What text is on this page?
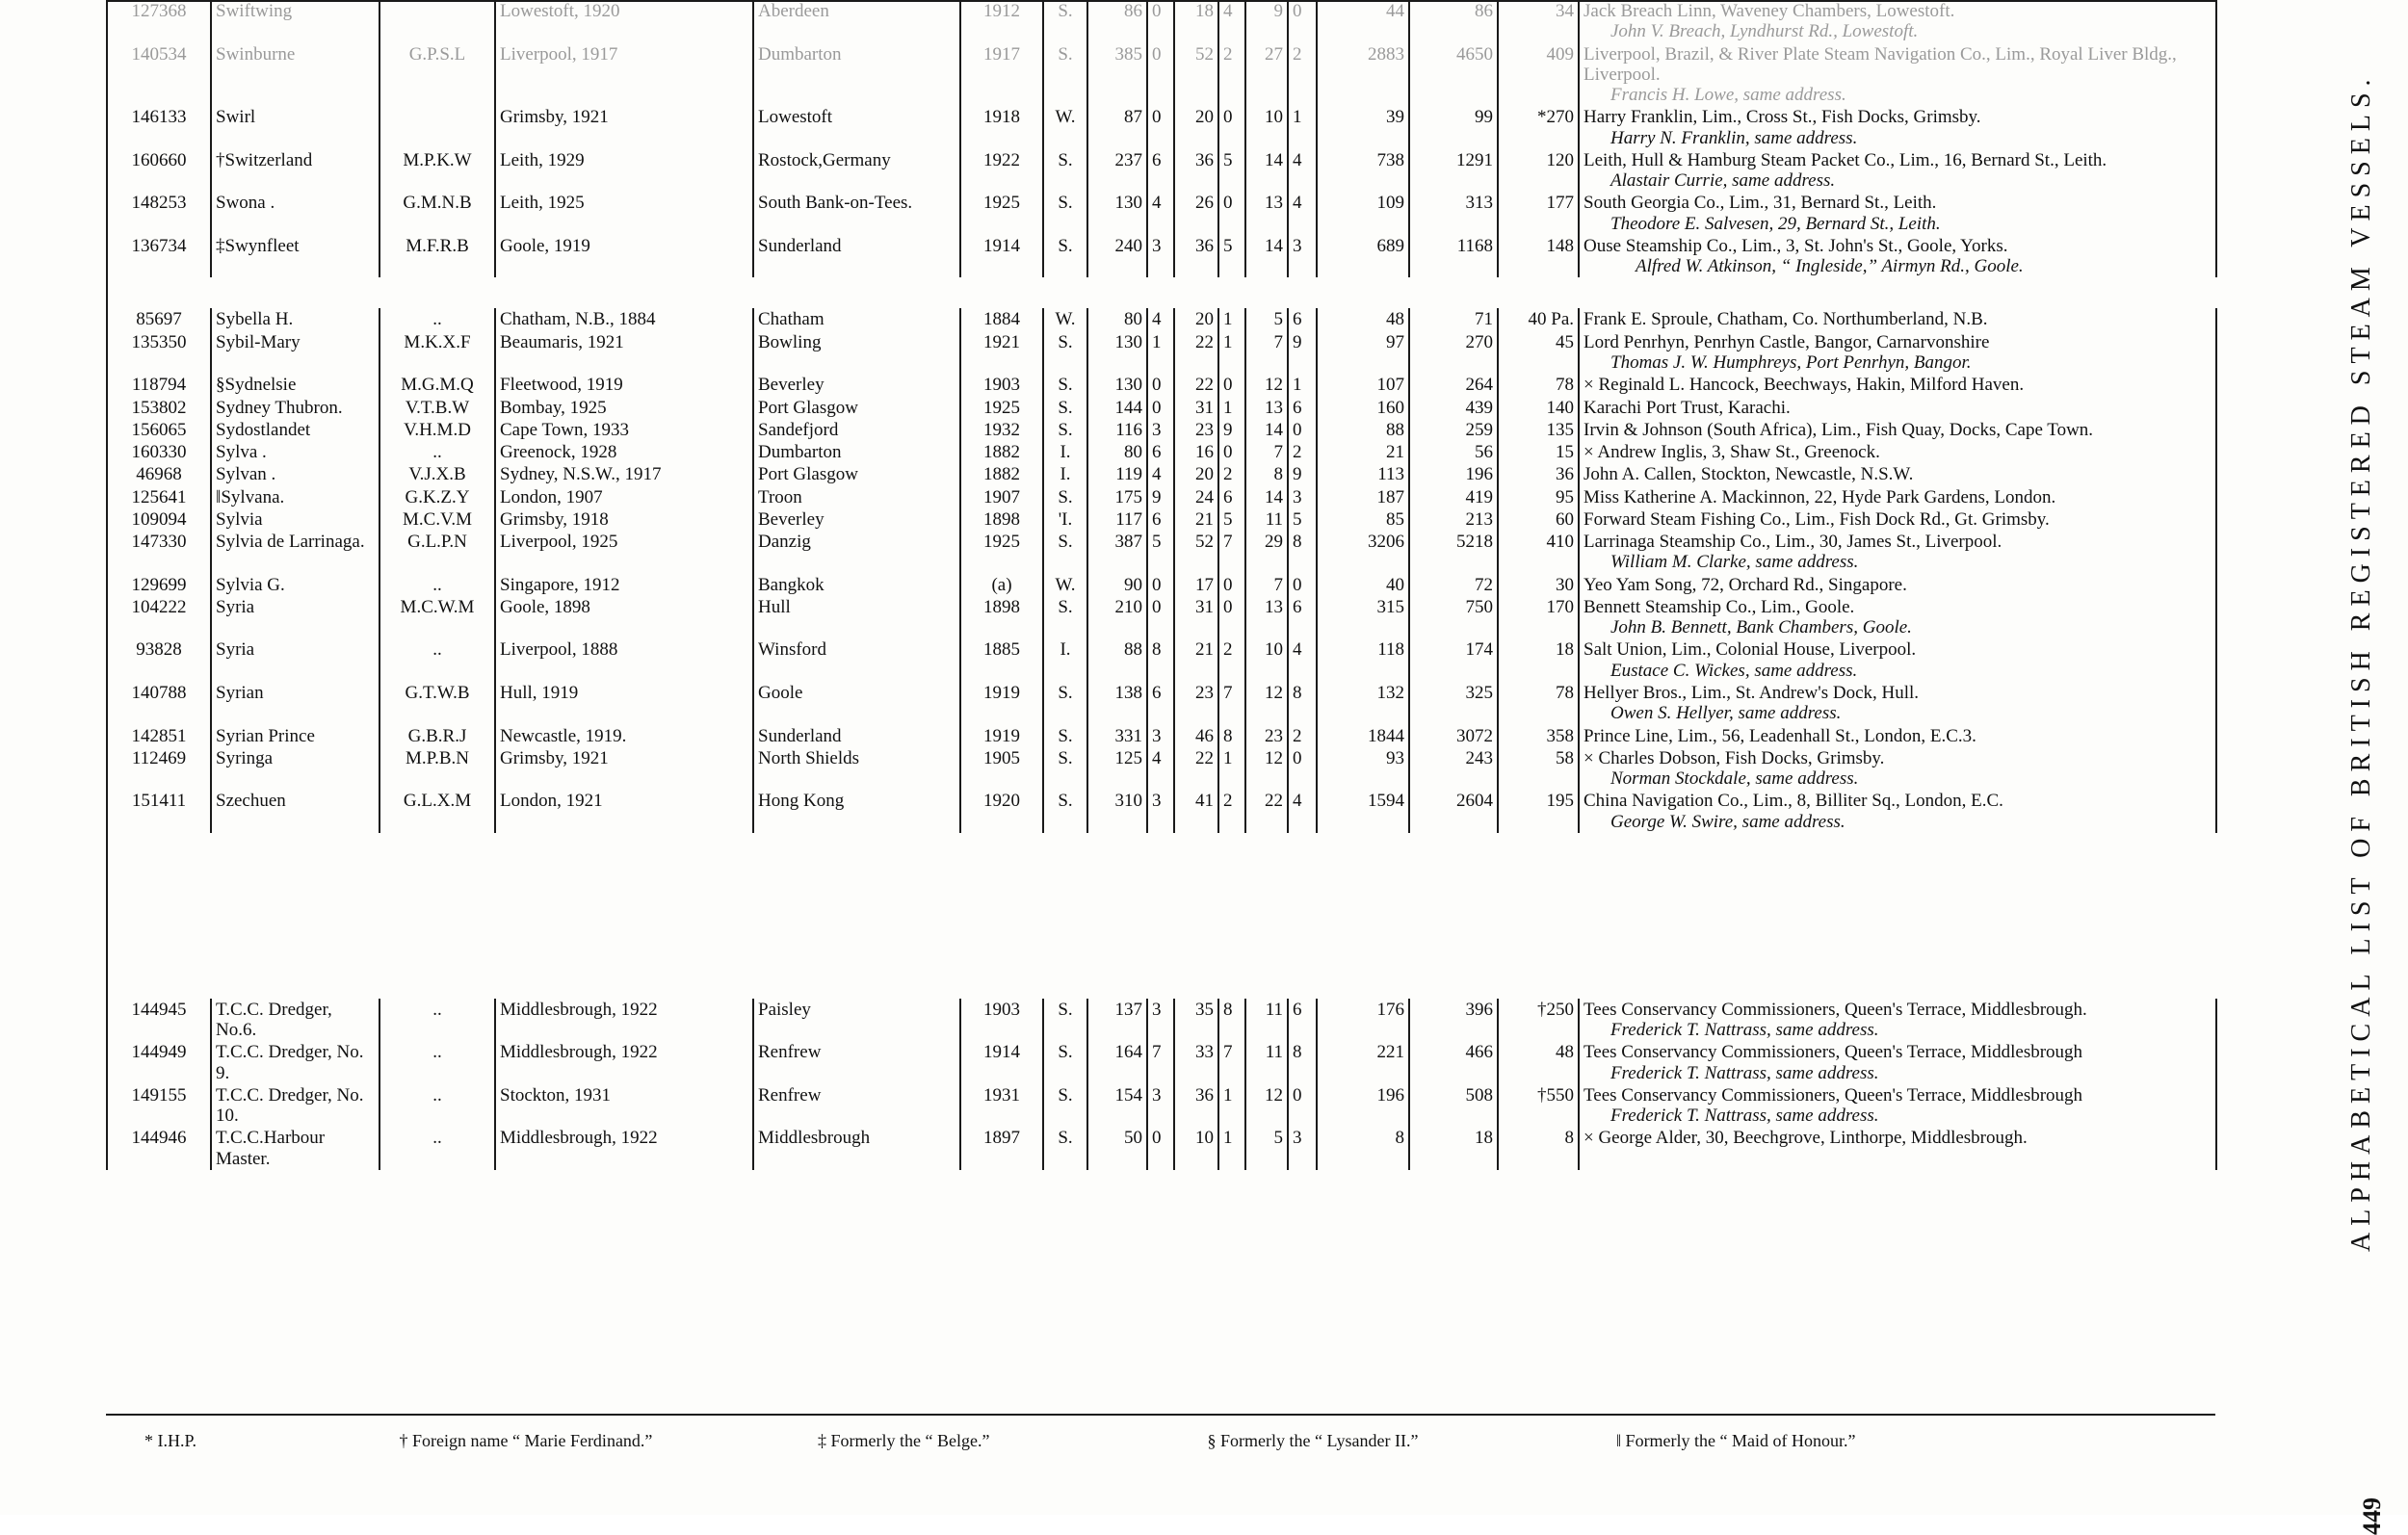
127368	Swiftwing		Lowestoft, 1920	Aberdeen	1912	S.	86	0	18	4	9	0	44	86	34	Jack Breach Linn, Waveney Chambers, Lowestoft.
John V. Breach, Lyndhurst Rd., Lowestoft.

140534	Swinburne	G.P.S.L	Liverpool, 1917	Dumbarton	1917	S.	385	0	52	2	27	2	2883	4650	409	Liverpool, Brazil, & River Plate Steam Navigation Co., Lim., Royal Liver Bldg., Liverpool.
Francis H. Lowe, same address.

146133	Swirl		Grimsby, 1921	Lowestoft	1918	W.	87	0	20	0	10	1	39	99	*270	Harry Franklin, Lim., Cross St., Fish Docks, Grimsby.
Harry N. Franklin, same address.

160660	†Switzerland	M.P.K.W	Leith, 1929	Rostock,Germany	1922	S.	237	6	36	5	14	4	738	1291	120	Leith, Hull & Hamburg Steam Packet Co., Lim., 16, Bernard St., Leith.
Alastair Currie, same address.

148253	Swona .	G.M.N.B	Leith, 1925	South Bank-on-Tees.	1925	S.	130	4	26	0	13	4	109	313	177	South Georgia Co., Lim., 31, Bernard St., Leith.
Theodore E. Salvesen, 29, Bernard St., Leith.

136734	‡Swynfleet	M.F.R.B	Goole, 1919	Sunderland	1914	S.	240	3	36	5	14	3	689	1168	148	Ouse Steamship Co., Lim., 3, St. John's St., Goole, Yorks.
Alfred W. Atkinson, “ Ingleside,” Airmyn Rd., Goole.

85697	Sybella H.	..	Chatham, N.B., 1884	Chatham	1884	W.	80	4	20	1	5	6	48	71	40 Pa.	Frank E. Sproule, Chatham, Co. Northumberland, N.B.
135350	Sybil-Mary	M.K.X.F	Beaumaris, 1921	Bowling	1921	S.	130	1	22	1	7	9	97	270	45	Lord Penrhyn, Penrhyn Castle, Bangor, Carnarvonshire
Thomas J. W. Humphreys, Port Penrhyn, Bangor.

118794	§Sydnelsie	M.G.M.Q	Fleetwood, 1919	Beverley	1903	S.	130	0	22	0	12	1	107	264	78	× Reginald L. Hancock, Beechways, Hakin, Milford Haven.
153802	Sydney Thubron.	V.T.B.W	Bombay, 1925	Port Glasgow	1925	S.	144	0	31	1	13	6	160	439	140	Karachi Port Trust, Karachi.
156065	Sydostlandet	V.H.M.D	Cape Town, 1933	Sandefjord	1932	S.	116	3	23	9	14	0	88	259	135	Irvin & Johnson (South Africa), Lim., Fish Quay, Docks, Cape Town.
160330	Sylva .	..	Greenock, 1928	Dumbarton	1882	I.	80	6	16	0	7	2	21	56	15	× Andrew Inglis, 3, Shaw St., Greenock.
46968	Sylvan .	V.J.X.B	Sydney, N.S.W., 1917	Port Glasgow	1882	I.	119	4	20	2	8	9	113	196	36	John A. Callen, Stockton, Newcastle, N.S.W.
125641	‖Sylvana.	G.K.Z.Y	London, 1907	Troon	1907	S.	175	9	24	6	14	3	187	419	95	Miss Katherine A. Mackinnon, 22, Hyde Park Gardens, London.
109094	Sylvia	M.C.V.M	Grimsby, 1918	Beverley	1898	'I.	117	6	21	5	11	5	85	213	60	Forward Steam Fishing Co., Lim., Fish Dock Rd., Gt. Grimsby.
147330	Sylvia de Larrinaga.	G.L.P.N	Liverpool, 1925	Danzig	1925	S.	387	5	52	7	29	8	3206	5218	410	Larrinaga Steamship Co., Lim., 30, James St., Liverpool.
William M. Clarke, same address.

129699	Sylvia G.	..	Singapore, 1912	Bangkok	(a)	W.	90	0	17	0	7	0	40	72	30	Yeo Yam Song, 72, Orchard Rd., Singapore.
104222	Syria	M.C.W.M	Goole, 1898	Hull	1898	S.	210	0	31	0	13	6	315	750	170	Bennett Steamship Co., Lim., Goole.
John B. Bennett, Bank Chambers, Goole.

93828	Syria	..	Liverpool, 1888	Winsford	1885	I.	88	8	21	2	10	4	118	174	18	Salt Union, Lim., Colonial House, Liverpool.
Eustace C. Wickes, same address.

140788	Syrian	G.T.W.B	Hull, 1919	Goole	1919	S.	138	6	23	7	12	8	132	325	78	Hellyer Bros., Lim., St. Andrew's Dock, Hull.
Owen S. Hellyer, same address.

142851	Syrian Prince	G.B.R.J	Newcastle, 1919.	Sunderland	1919	S.	331	3	46	8	23	2	1844	3072	358	Prince Line, Lim., 56, Leadenhall St., London, E.C.3.
112469	Syringa	M.P.B.N	Grimsby, 1921	North Shields	1905	S.	125	4	22	1	12	0	93	243	58	× Charles Dobson, Fish Docks, Grimsby.
Norman Stockdale, same address.

151411	Szechuen	G.L.X.M	London, 1921	Hong Kong	1920	S.	310	3	41	2	22	4	1594	2604	195	China Navigation Co., Lim., 8, Billiter Sq., London, E.C.
George W. Swire, same address.

144945	T.C.C. Dredger, No.6.	..	Middlesbrough, 1922	Paisley	1903	S.	137	3	35	8	11	6	176	396	†250	Tees Conservancy Commissioners, Queen's Terrace, Middlesbrough.
Frederick T. Nattrass, same address.

144949	T.C.C. Dredger, No. 9.	..	Middlesbrough, 1922	Renfrew	1914	S.	164	7	33	7	11	8	221	466	48	Tees Conservancy Commissioners, Queen's Terrace, Middlesbrough
Frederick T. Nattrass, same address.

149155	T.C.C. Dredger, No. 10.	..	Stockton, 1931	Renfrew	1931	S.	154	3	36	1	12	0	196	508	†550	Tees Conservancy Commissioners, Queen's Terrace, Middlesbrough
Frederick T. Nattrass, same address.

144946	T.C.C.Harbour Master.	..	Middlesbrough, 1922	Middlesbrough	1897	S.	50	0	10	1	5	3	8	18	8	× George Alder, 30, Beechgrove, Linthorpe, Middlesbrough.
* I.H.P.	† Foreign name “ Marie Ferdinand.”	‡ Formerly the “ Belge.”	§ Formerly the “ Lysander II.”	‖ Formerly the “ Maid of Honour.”
ALPHABETICAL LIST OF BRITISH REGISTERED STEAM VESSELS.
449
